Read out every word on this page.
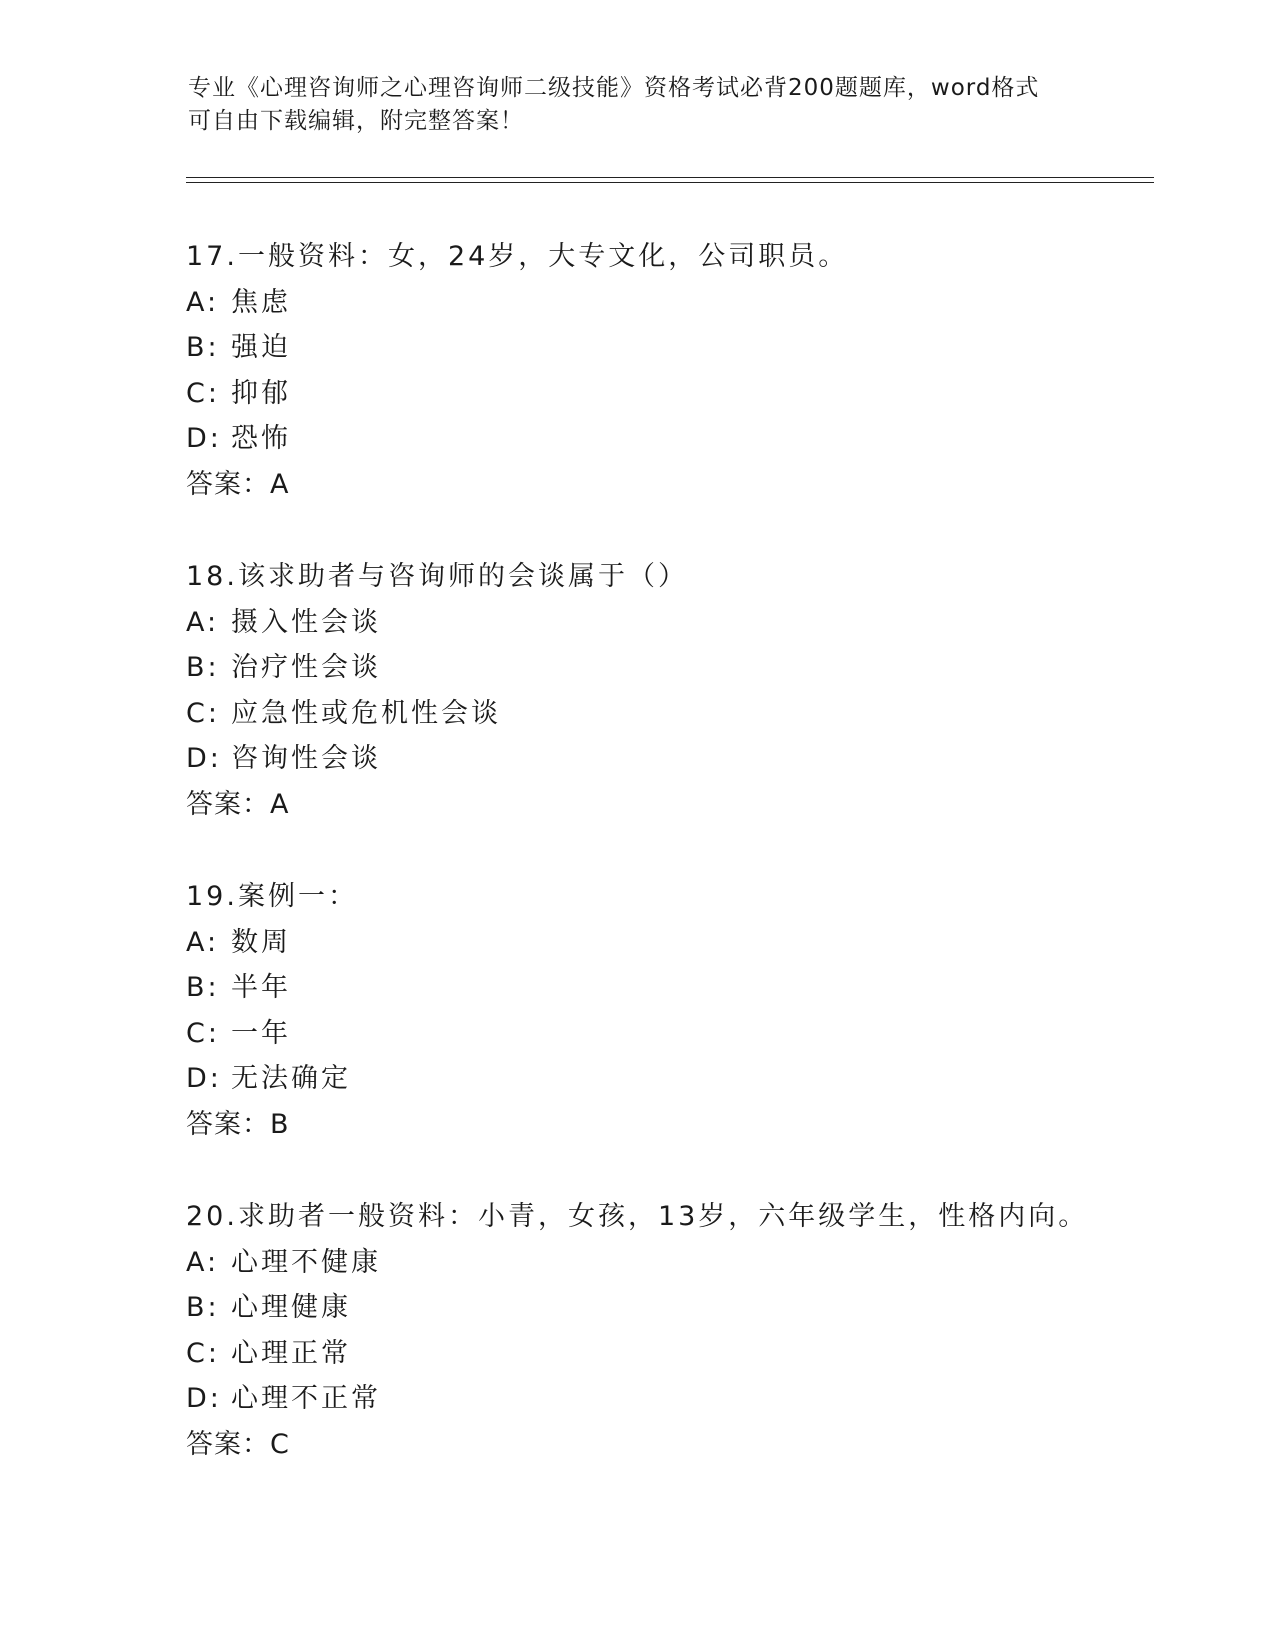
专业《心理咨询师之心理咨询师二级技能》资格考试必背200题题库，word格式
可自由下载编辑，附完整答案！
17.一般资料：女，24岁，大专文化，公司职员。
A: 焦虑
B: 强迫
C: 抑郁
D: 恐怖
答案：A
18.该求助者与咨询师的会谈属于（）
A: 摄入性会谈
B: 治疗性会谈
C: 应急性或危机性会谈
D: 咨询性会谈
答案：A
19.案例一：
A: 数周
B: 半年
C: 一年
D: 无法确定
答案：B
20.求助者一般资料：小青，女孩，13岁，六年级学生，性格内向。
A: 心理不健康
B: 心理健康
C: 心理正常
D: 心理不正常
答案：C
